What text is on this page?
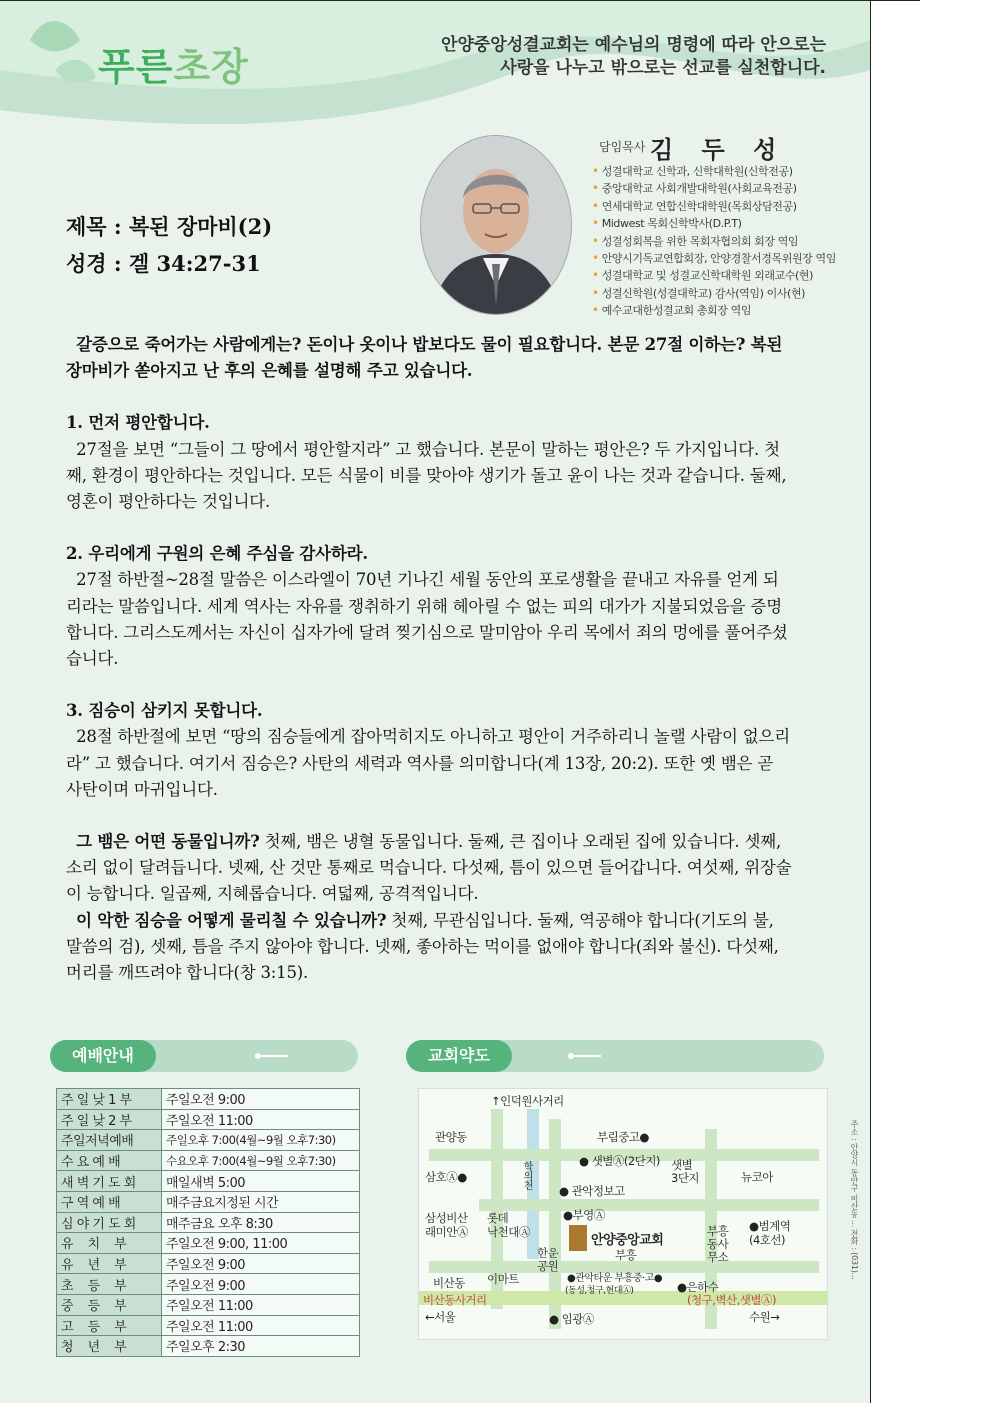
푸른초장	안양중앙성결교회는 예수님의 명령에 따라 안으로는
사랑을 나누고 밖으로는 선교를 실천합니다.
담임목사 김 두 성
• 성결대학교 신학과, 신학대학원(신학전공)
• 중앙대학교 사회개발대학원(사회교육전공)
• 연세대학교 연합신학대학원(목회상담전공)
• Midwest 목회신학박사(D.P.T)
• 성결성회복을 위한 목회자협의회 회장 역임
• 안양시기독교연합회장, 안양경찰서경목위원장 역임
• 성결대학교 및 성결교신학대학원 외래교수(현)
• 성결신학원(성결대학교) 감사(역임) 이사(현)
• 예수교대한성결교회 총회장 역임
제목 : 복된 장마비(2)
성경 : 겔 34:27-31

갈증으로 죽어가는 사람에게는? 돈이나 옷이나 밥보다도 물이 필요합니다. 본문 27절 이하는? 복된 장마비가 쏟아지고 난 후의 은혜를 설명해 주고 있습니다.

1. 먼저 평안합니다.
27절을 보면 “그들이 그 땅에서 평안할지라” 고 했습니다. 본문이 말하는 평안은? 두 가지입니다. 첫째, 환경이 평안하다는 것입니다. 모든 식물이 비를 맞아야 생기가 돌고 윤이 나는 것과 같습니다. 둘째, 영혼이 평안하다는 것입니다.

2. 우리에게 구원의 은혜 주심을 감사하라.
27절 하반절~28절 말씀은 이스라엘이 70년 기나긴 세월 동안의 포로생활을 끝내고 자유를 얻게 되리라는 말씀입니다. 세계 역사는 자유를 쟁취하기 위해 헤아릴 수 없는 피의 대가가 지불되었음을 증명합니다. 그리스도께서는 자신이 십자가에 달려 찢기심으로 말미암아 우리 목에서 죄의 멍에를 풀어주셨습니다.

3. 짐승이 삼키지 못합니다.
28절 하반절에 보면 “땅의 짐승들에게 잡아먹히지도 아니하고 평안이 거주하리니 놀랠 사람이 없으리라” 고 했습니다. 여기서 짐승은? 사탄의 세력과 역사를 의미합니다(계 13장, 20:2). 또한 옛 뱀은 곧 사탄이며 마귀입니다.

그 뱀은 어떤 동물입니까? 첫째, 뱀은 냉혈 동물입니다. 둘째, 큰 집이나 오래된 집에 있습니다. 셋째, 소리 없이 달려듭니다. 넷째, 산 것만 통째로 먹습니다. 다섯째, 틈이 있으면 들어갑니다. 여섯째, 위장술이 능합니다. 일곱째, 지혜롭습니다. 여덟째, 공격적입니다.

이 악한 짐승을 어떻게 물리칠 수 있습니까? 첫째, 무관심입니다. 둘째, 역공해야 합니다(기도의 불, 말씀의 검), 셋째, 틈을 주지 않아야 합니다. 넷째, 좋아하는 먹이를 없애야 합니다(죄와 불신). 다섯째, 머리를 깨뜨려야 합니다(창 3:15).

예배안내
주 일 낮 1 부	주일오전 9:00
주 일 낮 2 부	주일오전 11:00
주일저녁예배	주일오후 7:00(4월~9월 오후7:30)
수 요 예 배	수요오후 7:00(4월~9월 오후7:30)
새 벽 기 도 회	매일새벽 5:00
구 역 예 배	매주금요지정된 시간
심 야 기 도 회	매주금요 오후 8:30
유    치    부	주일오전 9:00, 11:00
유    년    부	주일오전 9:00
초    등    부	주일오전 9:00
중    등    부	주일오전 11:00
고    등    부	주일오전 11:00
청    년    부	주일오후 2:30
교회약도
↑인덕원사거리
관양동	부림중고●
● 샛별Ⓐ(2단지) 샛별
3단지
삼호Ⓐ●	학의천
● 관악정보고
뉴코아
삼성비산
래미안Ⓐ
롯데
낙천대Ⓐ
●부영Ⓐ
안양중앙교회
부흥
부흥
동사
무소
●범계역
(4호선)
한운
공원
비산동 이마트	●관악타운 부흥중·고●
(동성,청구,현대Ⓐ)	●은하수
비산동사거리	(청구,벽산,샛별Ⓐ)
←서울	● 임광Ⓐ	수원→
주소 : 안양시 동안구 비산동 ... 전화 : (031)...
